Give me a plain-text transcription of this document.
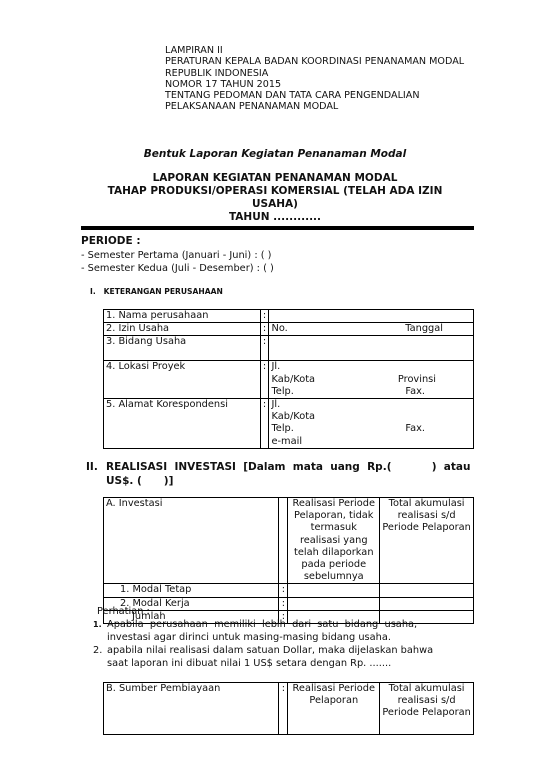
LAMPIRAN II
PERATURAN KEPALA BADAN KOORDINASI PENANAMAN MODAL
REPUBLIK INDONESIA
NOMOR 17 TAHUN 2015
TENTANG PEDOMAN DAN TATA CARA PENGENDALIAN
PELAKSANAAN PENANAMAN MODAL
Bentuk Laporan Kegiatan Penanaman Modal
LAPORAN KEGIATAN PENANAMAN MODAL
TAHAP PRODUKSI/OPERASI KOMERSIAL (TELAH ADA IZIN
USAHA)
TAHUN ............
PERIODE :
- Semester Pertama (Januari - Juni) : ( )
- Semester Kedua (Juli - Desember) : ( )
I.   KETERANGAN PERUSAHAAN
1. Nama perusahaan	:	
2. Izin Usaha	:	No. Tanggal

3. Bidang Usaha	:	
4. Lokasi Proyek	:	Jl.
Kab/Kota Provinsi
Telp. Fax.

5. Alamat Korespondensi	:	Jl.
Kab/Kota
Telp. Fax.
e-mail
II. REALISASI  INVESTASI  [Dalam  mata  uang  Rp.(           )  atau
US$. (      )]
A. Investasi		Realisasi Periode Pelaporan, tidak termasuk realisasi yang telah dilaporkan pada periode sebelumnya	Total akumulasi realisasi s/d Periode Pelaporan
1. Modal Tetap	:		
2. Modal Kerja	:		
Jumlah	:		
Perhatian :
1. Apabila  perusahaan  memiliki  lebih  dari  satu  bidang  usaha,
investasi agar dirinci untuk masing-masing bidang usaha.
2. apabila nilai realisasi dalam satuan Dollar, maka dijelaskan bahwa
saat laporan ini dibuat nilai 1 US$ setara dengan Rp. .......
B. Sumber Pembiayaan	:	Realisasi Periode Pelaporan	Total akumulasi realisasi s/d Periode Pelaporan
